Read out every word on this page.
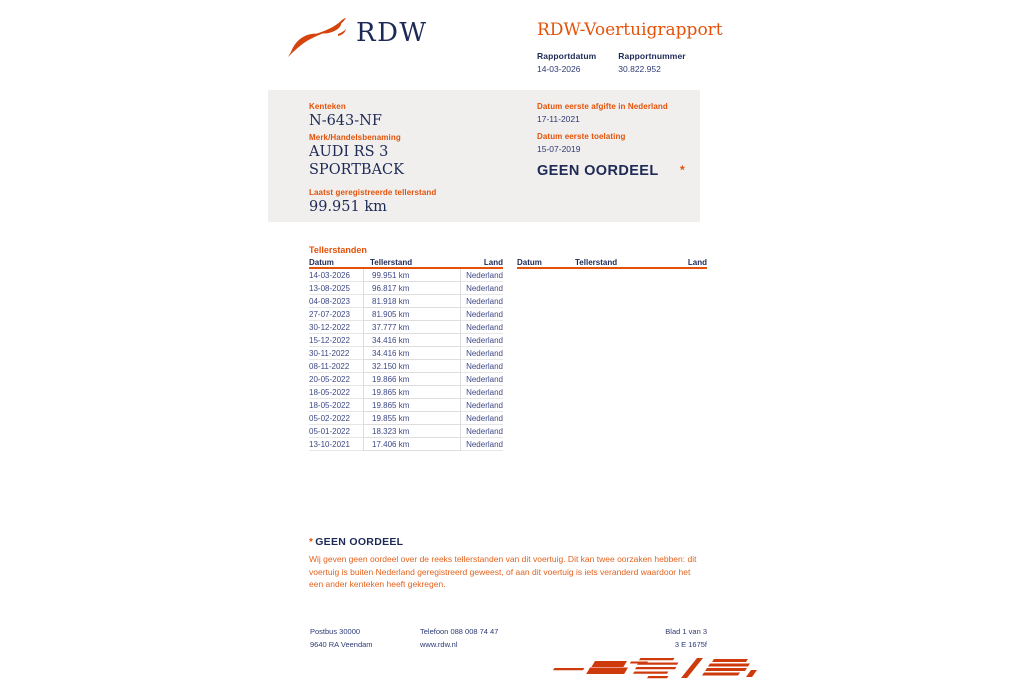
RDW	RDW-Voertuigrapport
Rapportdatum
14-03-2026
Rapportnummer
30.822.952
Kenteken
N-643-NF
Merk/Handelsbenaming
AUDI RS 3
SPORTBACK
Laatst geregistreerde tellerstand
99.951 km
Datum eerste afgifte in Nederland
17-11-2021
Datum eerste toelating
15-07-2019
GEEN OORDEEL *
Tellerstanden
Datum	Tellerstand	Land
14-03-2026	99.951 km	Nederland
13-08-2025	96.817 km	Nederland
04-08-2023	81.918 km	Nederland
27-07-2023	81.905 km	Nederland
30-12-2022	37.777 km	Nederland
15-12-2022	34.416 km	Nederland
30-11-2022	34.416 km	Nederland
08-11-2022	32.150 km	Nederland
20-05-2022	19.866 km	Nederland
18-05-2022	19.865 km	Nederland
18-05-2022	19.865 km	Nederland
05-02-2022	19.855 km	Nederland
05-01-2022	18.323 km	Nederland
13-10-2021	17.406 km	Nederland
Datum	Tellerstand	Land
* GEEN OORDEEL
Wij geven geen oordeel over de reeks tellerstanden van dit voertuig. Dit kan twee oorzaken hebben: dit voertuig is buiten Nederland geregistreerd geweest, of aan dit voertuig is iets veranderd waardoor het een ander kenteken heeft gekregen.
Postbus 30000
9640 RA Veendam
Telefoon 088 008 74 47
www.rdw.nl
Blad 1 van 3
3 E 1675f
